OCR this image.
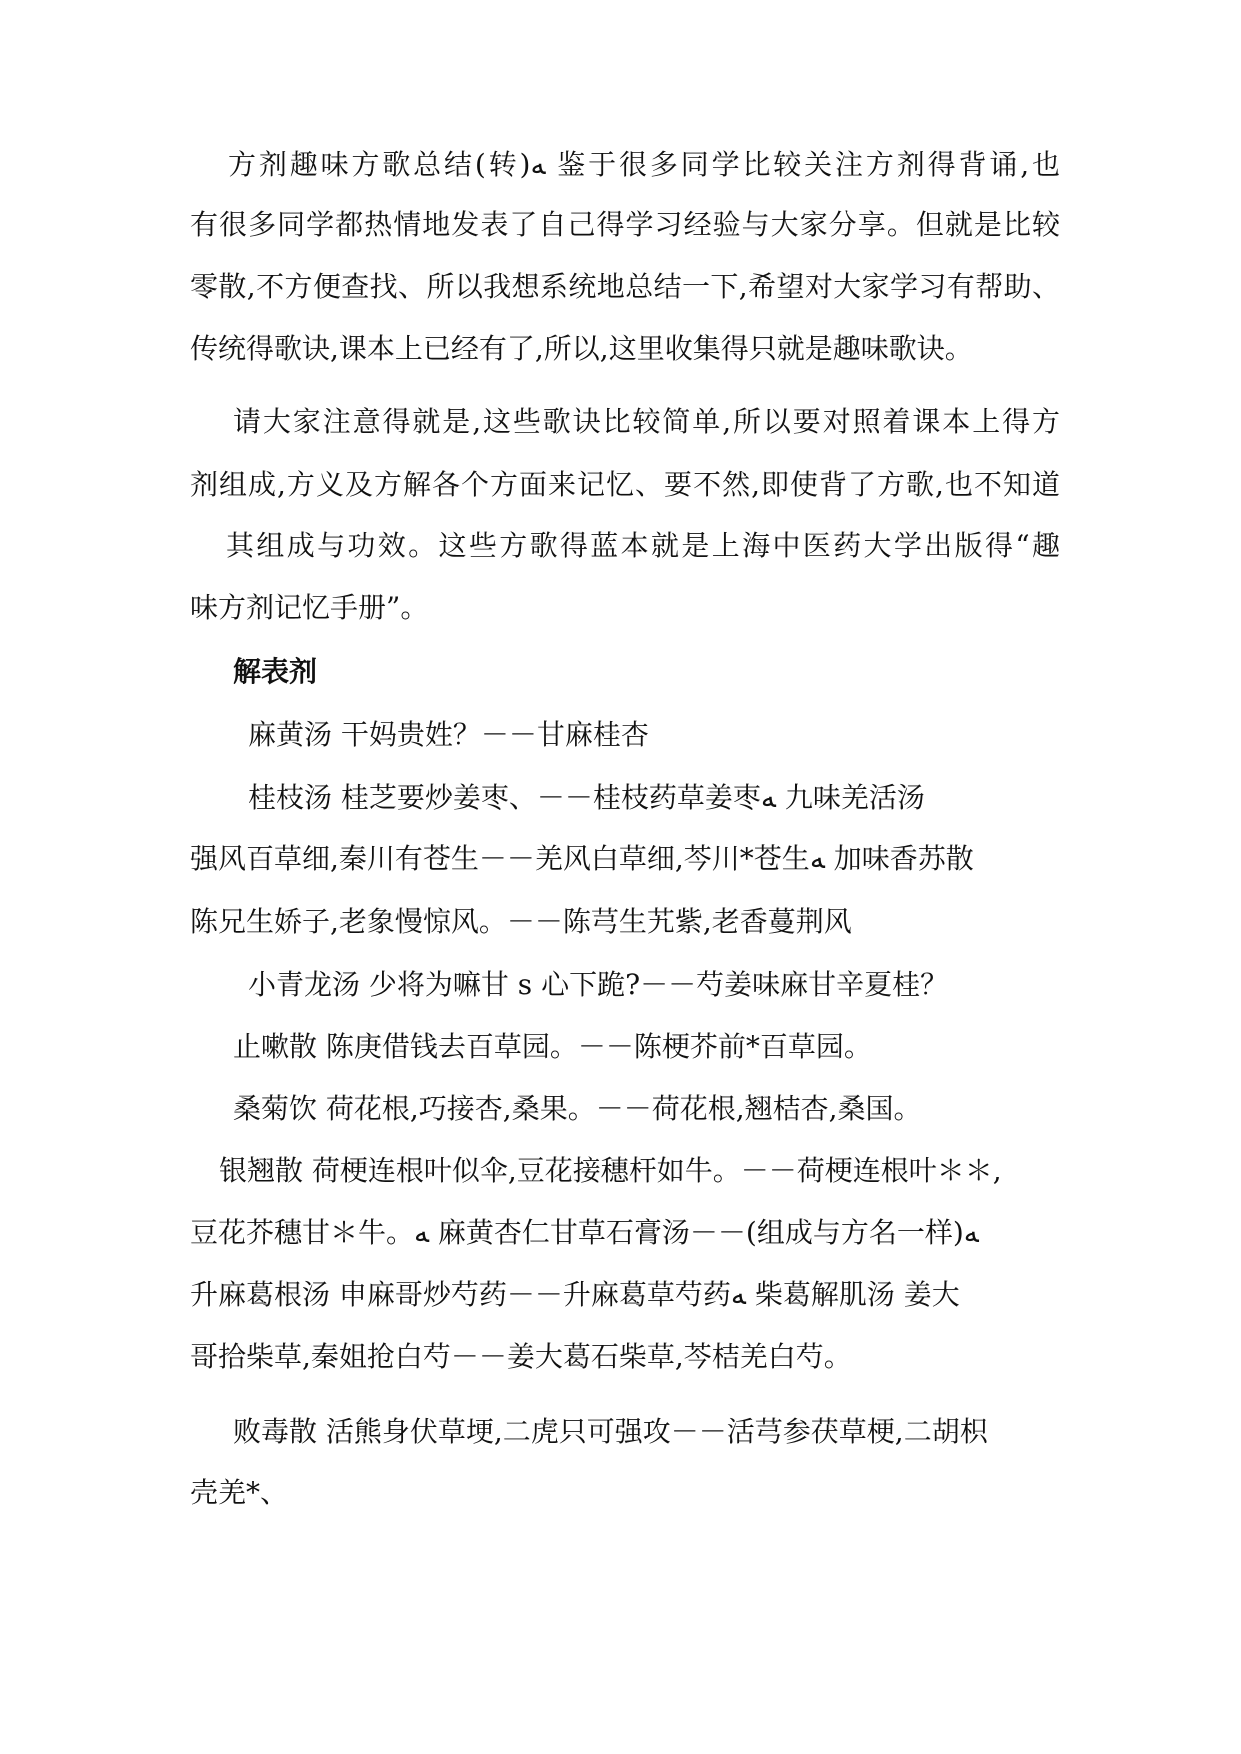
方剂趣味方歌总结(转)ﻪ 鉴于很多同学比较关注方剂得背诵,也
有很多同学都热情地发表了自己得学习经验与大家分享。但就是比较
零散,不方便查找、所以我想系统地总结一下,希望对大家学习有帮助、
传统得歌诀,课本上已经有了,所以,这里收集得只就是趣味歌诀。
请大家注意得就是,这些歌诀比较简单,所以要对照着课本上得方
剂组成,方义及方解各个方面来记忆、要不然,即使背了方歌,也不知道
其组成与功效。这些方歌得蓝本就是上海中医药大学出版得“趣
味方剂记忆手册”。
解表剂
麻黄汤 干妈贵姓？－－甘麻桂杏
桂枝汤 桂芝要炒姜枣、－－桂枝药草姜枣ﻪ 九味羌活汤
强风百草细,秦川有苍生－－羌风白草细,芩川*苍生ﻪ 加味香苏散
陈兄生娇子,老象慢惊风。－－陈芎生艽紫,老香蔓荆风
小青龙汤 少将为嘛甘 s 心下跪?－－芍姜味麻甘辛夏桂？
止嗽散 陈庚借钱去百草园。－－陈梗芥前*百草园。
桑菊饮 荷花根,巧接杏,桑果。－－荷花根,翘桔杏,桑国。
银翘散 荷梗连根叶似伞,豆花接穗杆如牛。－－荷梗连根叶＊＊,
豆花芥穗甘＊牛。ﻪ 麻黄杏仁甘草石膏汤－－(组成与方名一样)ﻪ
升麻葛根汤 申麻哥炒芍药－－升麻葛草芍药ﻪ 柴葛解肌汤 姜大
哥拾柴草,秦姐抢白芍－－姜大葛石柴草,芩桔羌白芍。
败毒散 活熊身伏草埂,二虎只可强攻－－活芎参茯草梗,二胡枳
壳羌*、
